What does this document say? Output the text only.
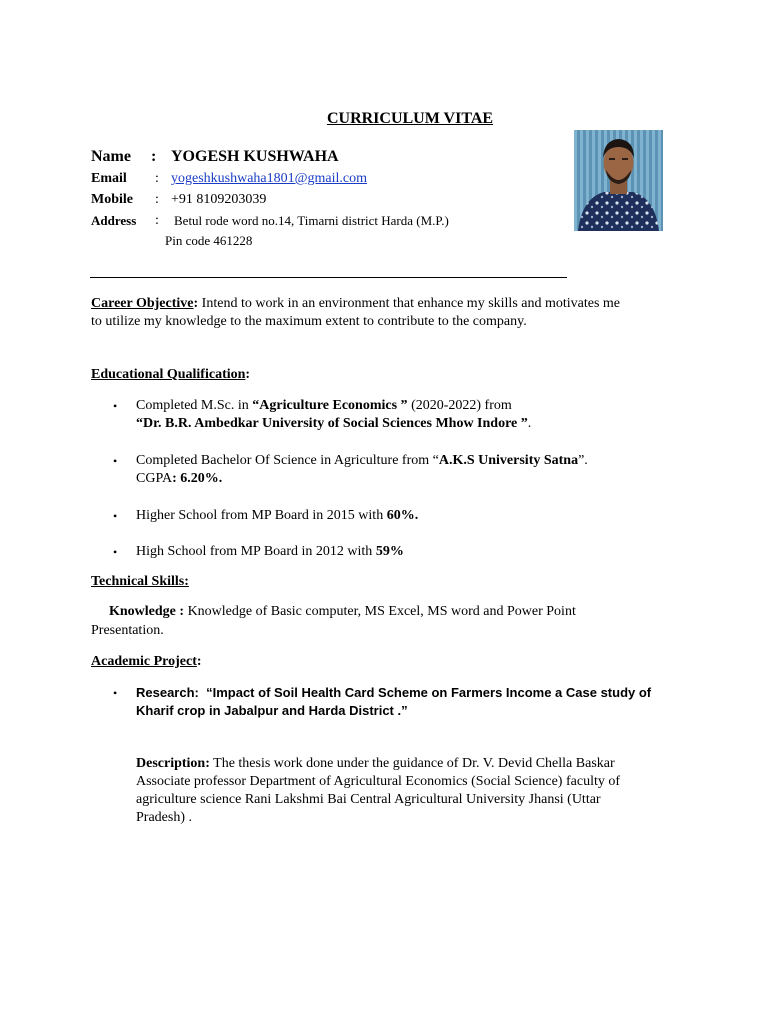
CURRICULUM VITAE
Name : YOGESH KUSHWAHA
Email : yogeshkushwaha1801@gmail.com
Mobile : +91 8109203039
Address : Betul rode word no.14, Timarni district Harda (M.P.)
Pin code 461228
Career Objective: Intend to work in an environment that enhance my skills and motivates me
to utilize my knowledge to the maximum extent to contribute to the company.
Educational Qualification:
• Completed M.Sc. in “Agriculture Economics ” (2020-2022) from
“Dr. B.R. Ambedkar University of Social Sciences Mhow Indore ”.
• Completed Bachelor Of Science in Agriculture from “A.K.S University Satna”.
CGPA: 6.20%.
• Higher School from MP Board in 2015 with 60%.
• High School from MP Board in 2012 with 59%
Technical Skills:
Knowledge : Knowledge of Basic computer, MS Excel, MS word and Power Point
Presentation.
Academic Project:
• Research: “Impact of Soil Health Card Scheme on Farmers Income a Case study of
Kharif crop in Jabalpur and Harda District .”
Description: The thesis work done under the guidance of Dr. V. Devid Chella Baskar
Associate professor Department of Agricultural Economics (Social Science) faculty of
agriculture science Rani Lakshmi Bai Central Agricultural University Jhansi (Uttar
Pradesh) .
